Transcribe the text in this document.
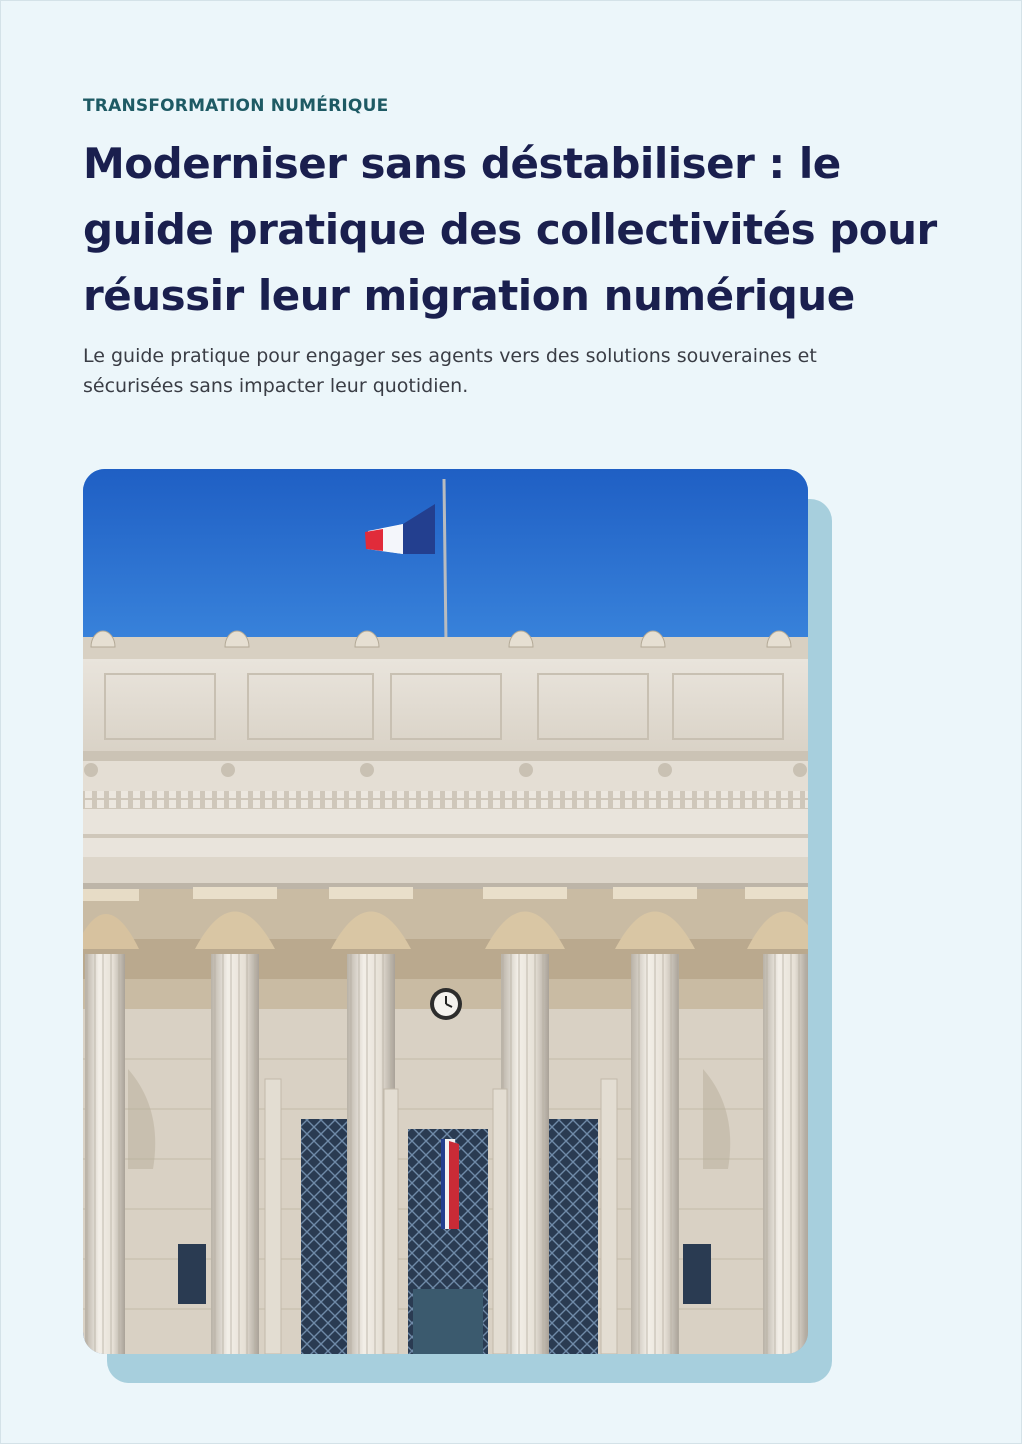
TRANSFORMATION NUMÉRIQUE
Moderniser sans déstabiliser : le guide pratique des collectivités pour réussir leur migration numérique

Le guide pratique pour engager ses agents vers des solutions souveraines et sécurisées sans impacter leur quotidien.
